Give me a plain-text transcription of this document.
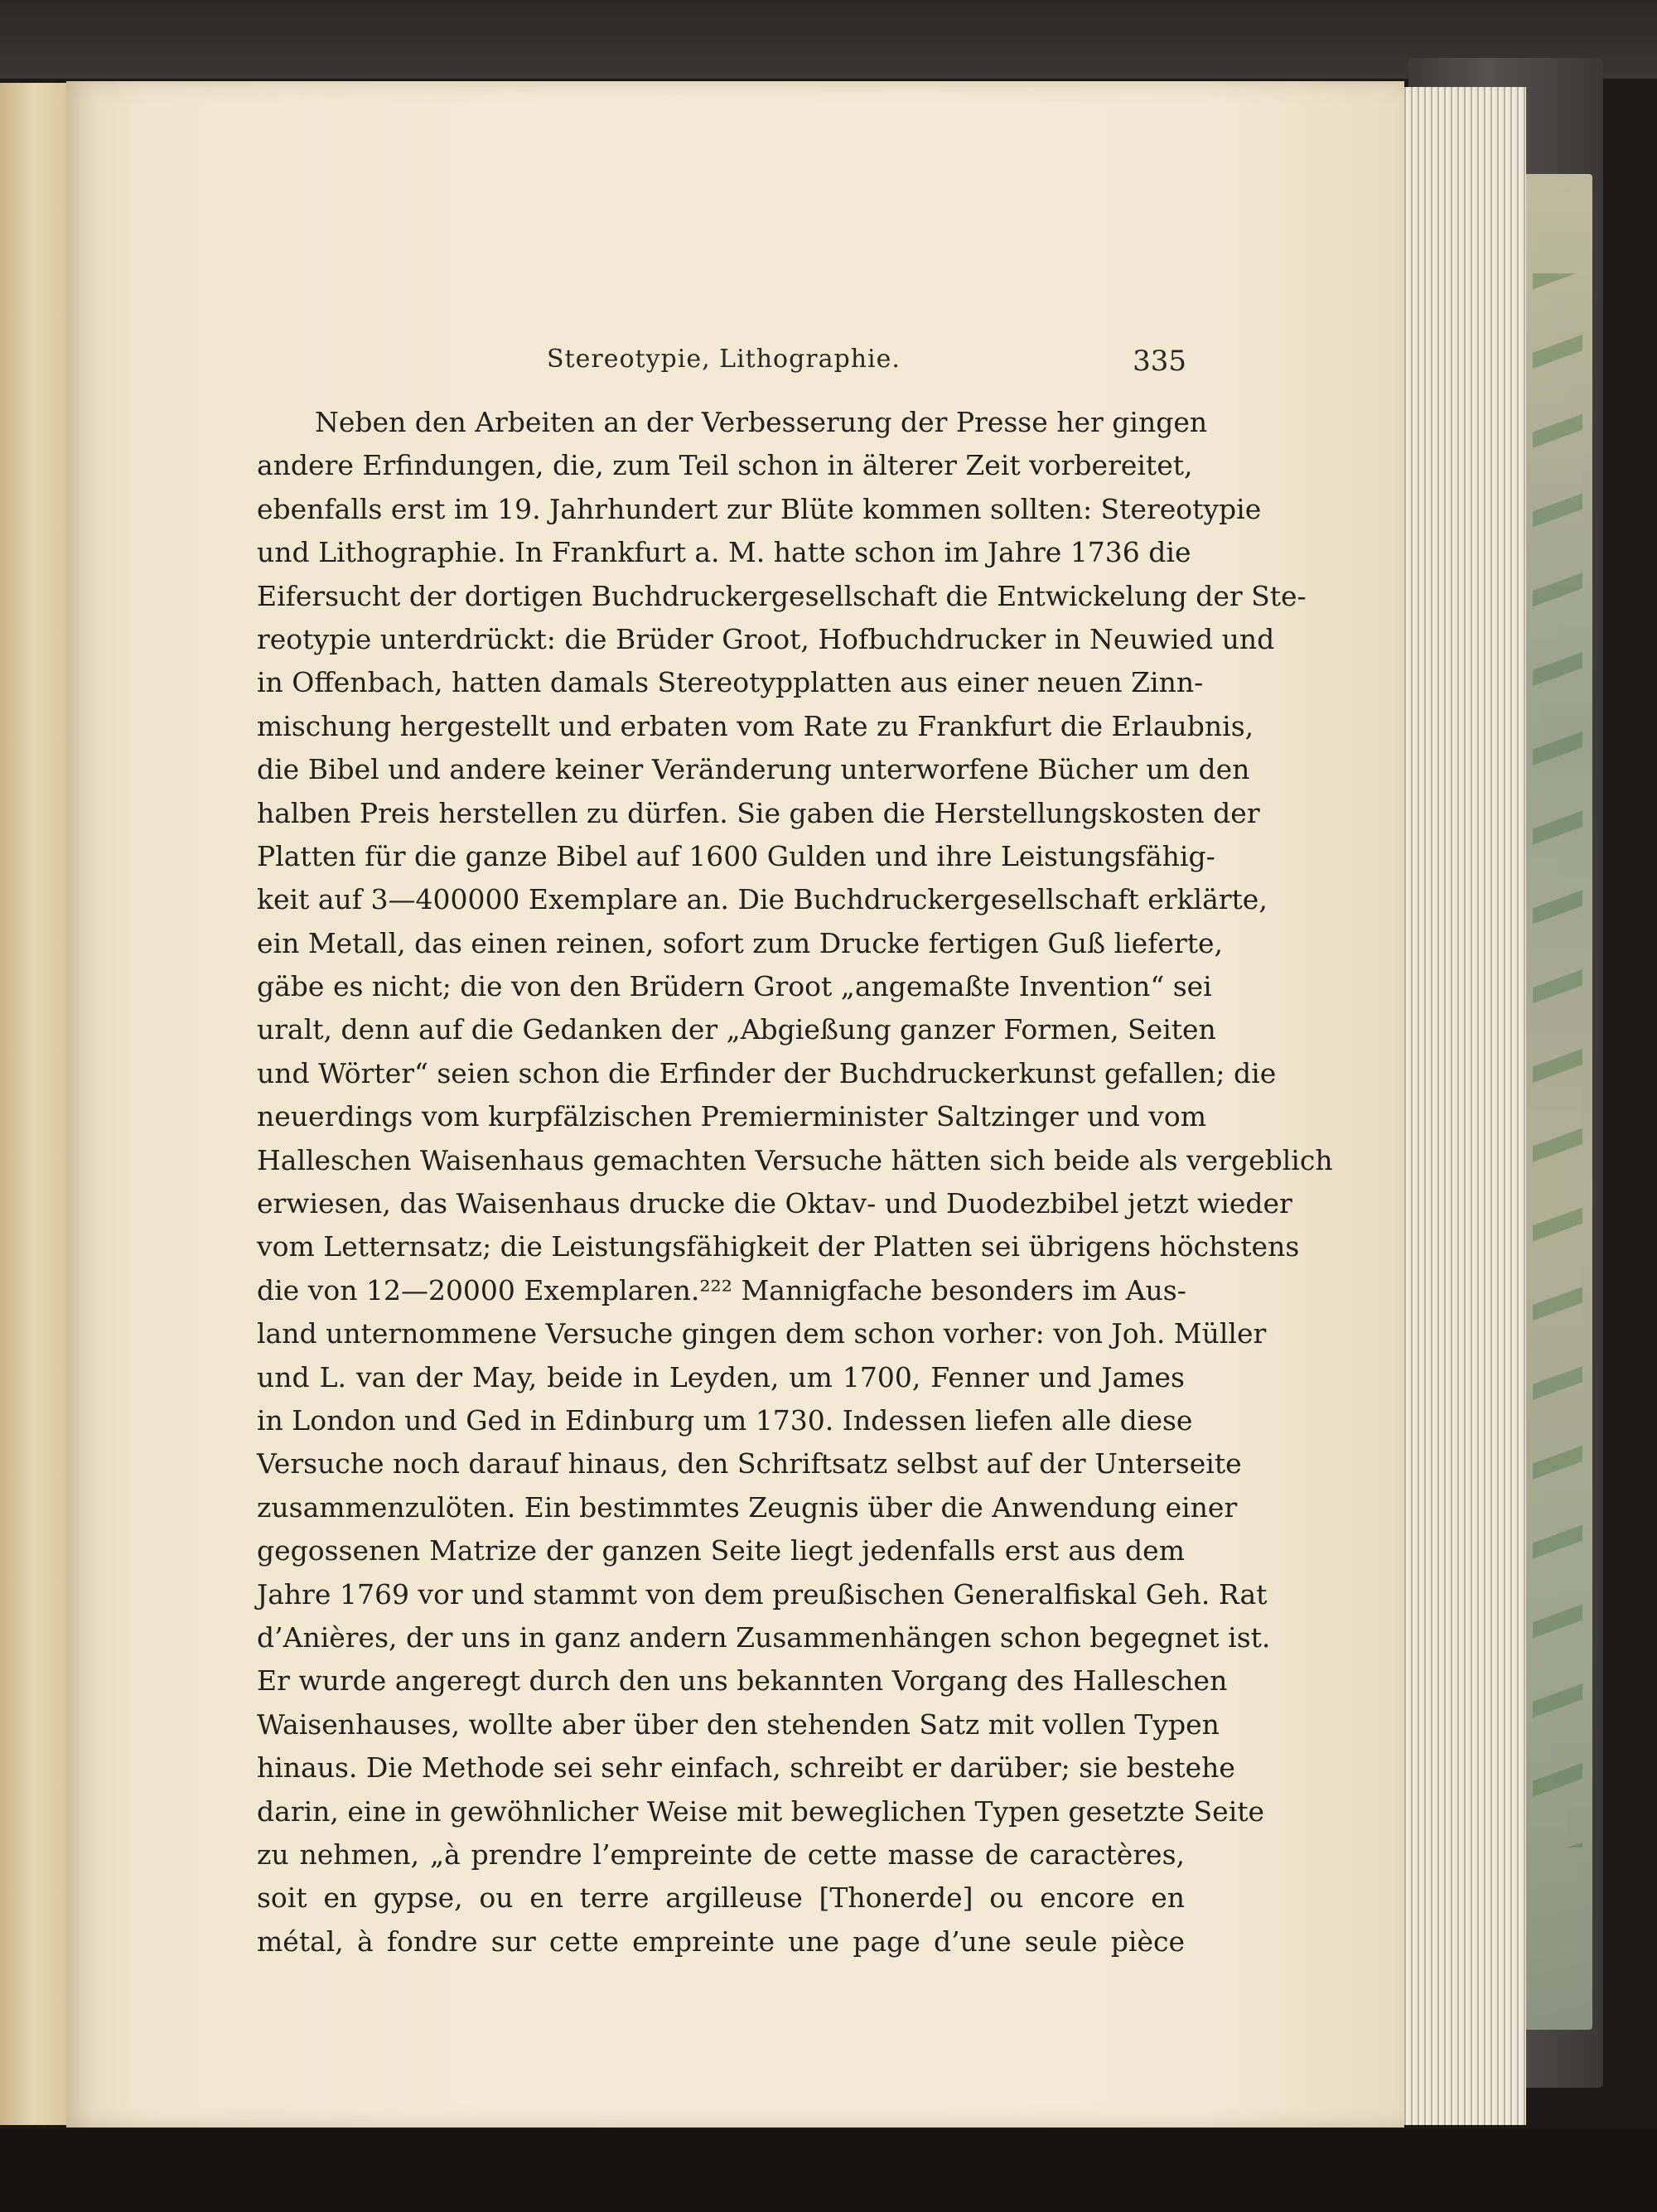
Stereotypie, Lithographie.	335
Neben den Arbeiten an der Verbesserung der Presse her gingen
andere Erfindungen, die, zum Teil schon in älterer Zeit vorbereitet,
ebenfalls erst im 19. Jahrhundert zur Blüte kommen sollten: Stereotypie
und Lithographie. In Frankfurt a. M. hatte schon im Jahre 1736 die
Eifersucht der dortigen Buchdruckergesellschaft die Entwickelung der Ste-
reotypie unterdrückt: die Brüder Groot, Hofbuchdrucker in Neuwied und
in Offenbach, hatten damals Stereotypplatten aus einer neuen Zinn-
mischung hergestellt und erbaten vom Rate zu Frankfurt die Erlaubnis,
die Bibel und andere keiner Veränderung unterworfene Bücher um den
halben Preis herstellen zu dürfen. Sie gaben die Herstellungskosten der
Platten für die ganze Bibel auf 1600 Gulden und ihre Leistungsfähig-
keit auf 3—400000 Exemplare an. Die Buchdruckergesellschaft erklärte,
ein Metall, das einen reinen, sofort zum Drucke fertigen Guß lieferte,
gäbe es nicht; die von den Brüdern Groot „angemaßte Invention“ sei
uralt, denn auf die Gedanken der „Abgießung ganzer Formen, Seiten
und Wörter“ seien schon die Erfinder der Buchdruckerkunst gefallen; die
neuerdings vom kurpfälzischen Premierminister Saltzinger und vom
Halleschen Waisenhaus gemachten Versuche hätten sich beide als vergeblich
erwiesen, das Waisenhaus drucke die Oktav- und Duodezbibel jetzt wieder
vom Letternsatz; die Leistungsfähigkeit der Platten sei übrigens höchstens
die von 12—20000 Exemplaren.²²² Mannigfache besonders im Aus-
land unternommene Versuche gingen dem schon vorher: von Joh. Müller
und L. van der May, beide in Leyden, um 1700, Fenner und James
in London und Ged in Edinburg um 1730. Indessen liefen alle diese
Versuche noch darauf hinaus, den Schriftsatz selbst auf der Unterseite
zusammenzulöten. Ein bestimmtes Zeugnis über die Anwendung einer
gegossenen Matrize der ganzen Seite liegt jedenfalls erst aus dem
Jahre 1769 vor und stammt von dem preußischen Generalfiskal Geh. Rat
d’Anières, der uns in ganz andern Zusammenhängen schon begegnet ist.
Er wurde angeregt durch den uns bekannten Vorgang des Halleschen
Waisenhauses, wollte aber über den stehenden Satz mit vollen Typen
hinaus. Die Methode sei sehr einfach, schreibt er darüber; sie bestehe
darin, eine in gewöhnlicher Weise mit beweglichen Typen gesetzte Seite
zu nehmen, „à prendre l’empreinte de cette masse de caractères,
soit en gypse, ou en terre argilleuse [Thonerde] ou encore en
métal, à fondre sur cette empreinte une page d’une seule pièce
